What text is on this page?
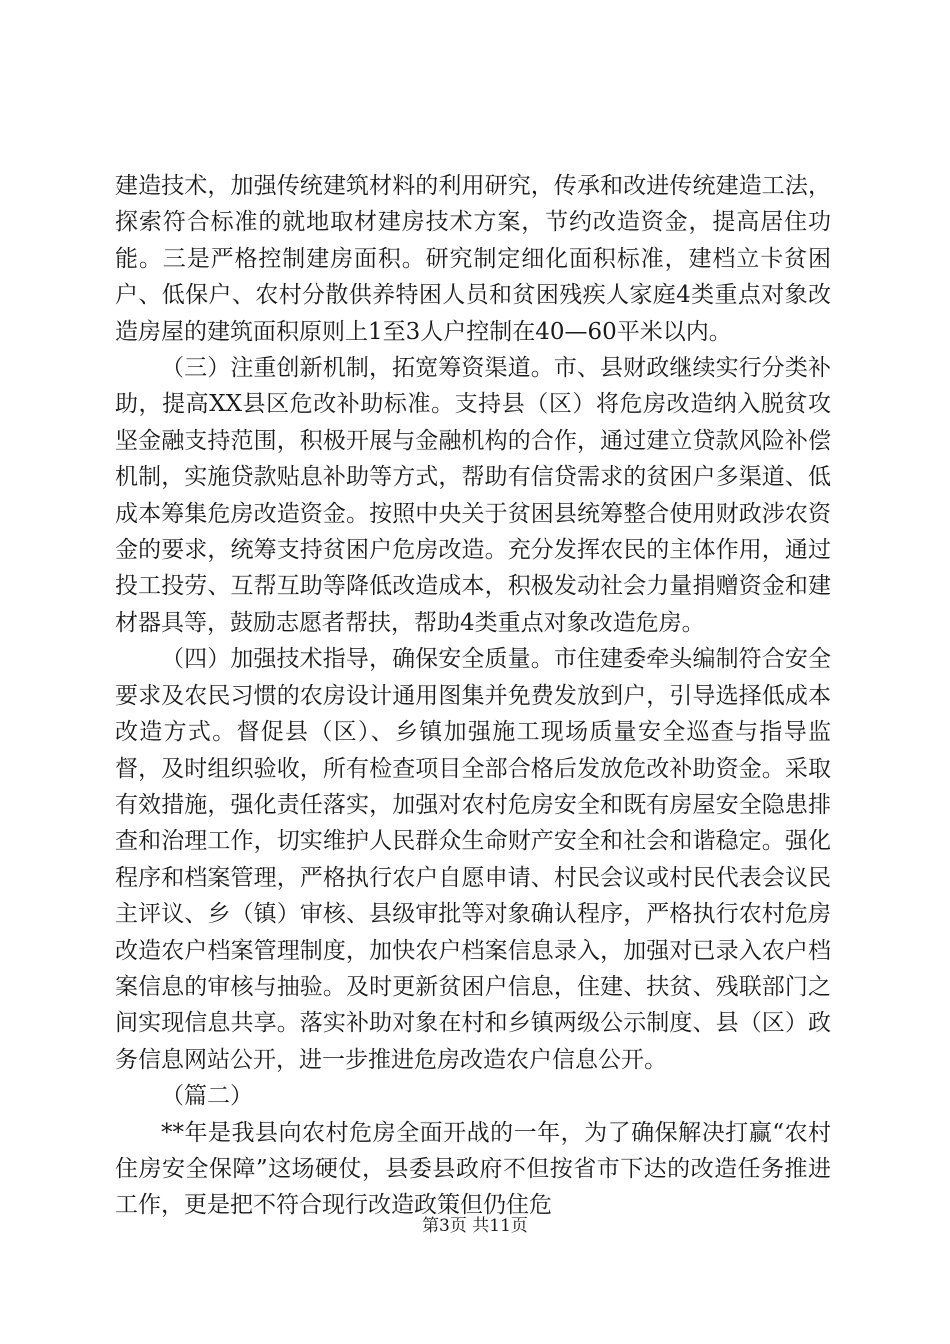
建造技术，加强传统建筑材料的利用研究，传承和改进传统建造工法，探索符合标准的就地取材建房技术方案，节约改造资金，提高居住功能。三是严格控制建房面积。研究制定细化面积标准，建档立卡贫困户、低保户、农村分散供养特困人员和贫困残疾人家庭4类重点对象改造房屋的建筑面积原则上1至3人户控制在40—60平米以内。

（三）注重创新机制，拓宽筹资渠道。市、县财政继续实行分类补助，提高XX县区危改补助标准。支持县（区）将危房改造纳入脱贫攻坚金融支持范围，积极开展与金融机构的合作，通过建立贷款风险补偿机制，实施贷款贴息补助等方式，帮助有信贷需求的贫困户多渠道、低成本筹集危房改造资金。按照中央关于贫困县统筹整合使用财政涉农资金的要求，统筹支持贫困户危房改造。充分发挥农民的主体作用，通过投工投劳、互帮互助等降低改造成本，积极发动社会力量捐赠资金和建材器具等，鼓励志愿者帮扶，帮助4类重点对象改造危房。

（四）加强技术指导，确保安全质量。市住建委牵头编制符合安全要求及农民习惯的农房设计通用图集并免费发放到户，引导选择低成本改造方式。督促县（区）、乡镇加强施工现场质量安全巡查与指导监督，及时组织验收，所有检查项目全部合格后发放危改补助资金。采取有效措施，强化责任落实，加强对农村危房安全和既有房屋安全隐患排查和治理工作，切实维护人民群众生命财产安全和社会和谐稳定。强化程序和档案管理，严格执行农户自愿申请、村民会议或村民代表会议民主评议、乡（镇）审核、县级审批等对象确认程序，严格执行农村危房改造农户档案管理制度，加快农户档案信息录入，加强对已录入农户档案信息的审核与抽验。及时更新贫困户信息，住建、扶贫、残联部门之间实现信息共享。落实补助对象在村和乡镇两级公示制度、县（区）政务信息网站公开，进一步推进危房改造农户信息公开。

（篇二）

**年是我县向农村危房全面开战的一年，为了确保解决打赢“农村住房安全保障”这场硬仗，县委县政府不但按省市下达的改造任务推进工作，更是把不符合现行改造政策但仍住危

第3页 共11页
